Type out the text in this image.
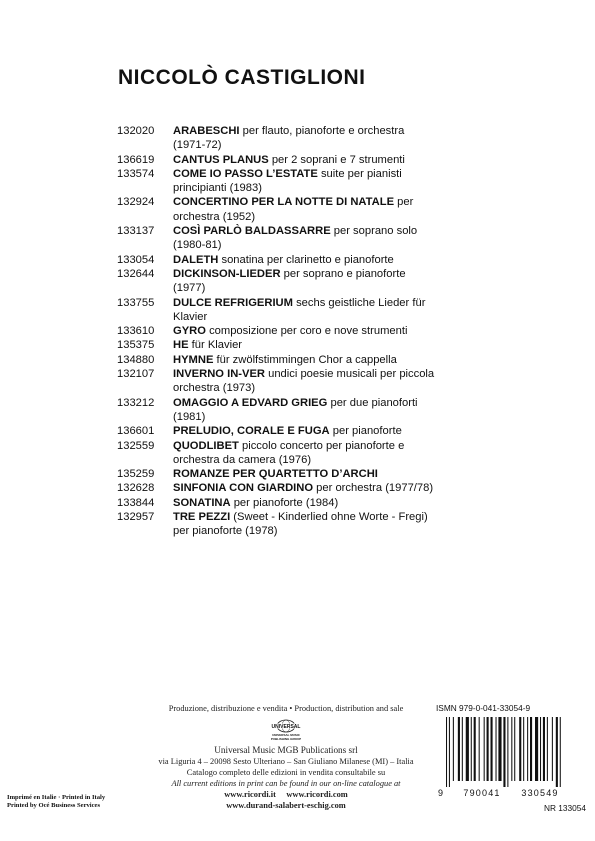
NICCOLÒ CASTIGLIONI
132020	ARABESCHI per flauto, pianoforte e orchestra (1971-72)
136619	CANTUS PLANUS per 2 soprani e 7 strumenti
133574	COME IO PASSO L’ESTATE suite per pianisti principianti (1983)
132924	CONCERTINO PER LA NOTTE DI NATALE per orchestra (1952)
133137	COSÌ PARLÒ BALDASSARRE per soprano solo (1980-81)
133054	DALETH sonatina per clarinetto e pianoforte
132644	DICKINSON-LIEDER per soprano e pianoforte (1977)
133755	DULCE REFRIGERIUM sechs geistliche Lieder für Klavier
133610	GYRO composizione per coro e nove strumenti
135375	HE für Klavier
134880	HYMNE für zwölfstimmingen Chor a cappella
132107	INVERNO IN-VER undici poesie musicali per piccola orchestra (1973)
133212	OMAGGIO A EDVARD GRIEG per due pianoforti (1981)
136601	PRELUDIO, CORALE E FUGA per pianoforte
132559	QUODLIBET piccolo concerto per pianoforte e orchestra da camera (1976)
135259	ROMANZE PER QUARTETTO D’ARCHI
132628	SINFONIA CON GIARDINO per orchestra (1977/78)
133844	SONATINA per pianoforte (1984)
132957	TRE PEZZI (Sweet - Kinderlied ohne Worte - Fregi) per pianoforte (1978)
Produzione, distribuzione e vendita • Production, distribution and sale
UNIVERSAL
UNIVERSAL MUSIC
PUBLISHING GROUP
Universal Music MGB Publications srl
via Liguria 4 – 20098 Sesto Ulteriano – San Giuliano Milanese (MI) – Italia
Catalogo completo delle edizioni in vendita consultabile su
All current editions in print can be found in our on-line catalogue at
www.ricordi.it www.ricordi.com
www.durand-salabert-eschig.com
Imprimé en Italie · Printed in Italy
Printed by Océ Business Services
ISMN 979-0-041-33054-9
9 790041 330549
NR 133054
